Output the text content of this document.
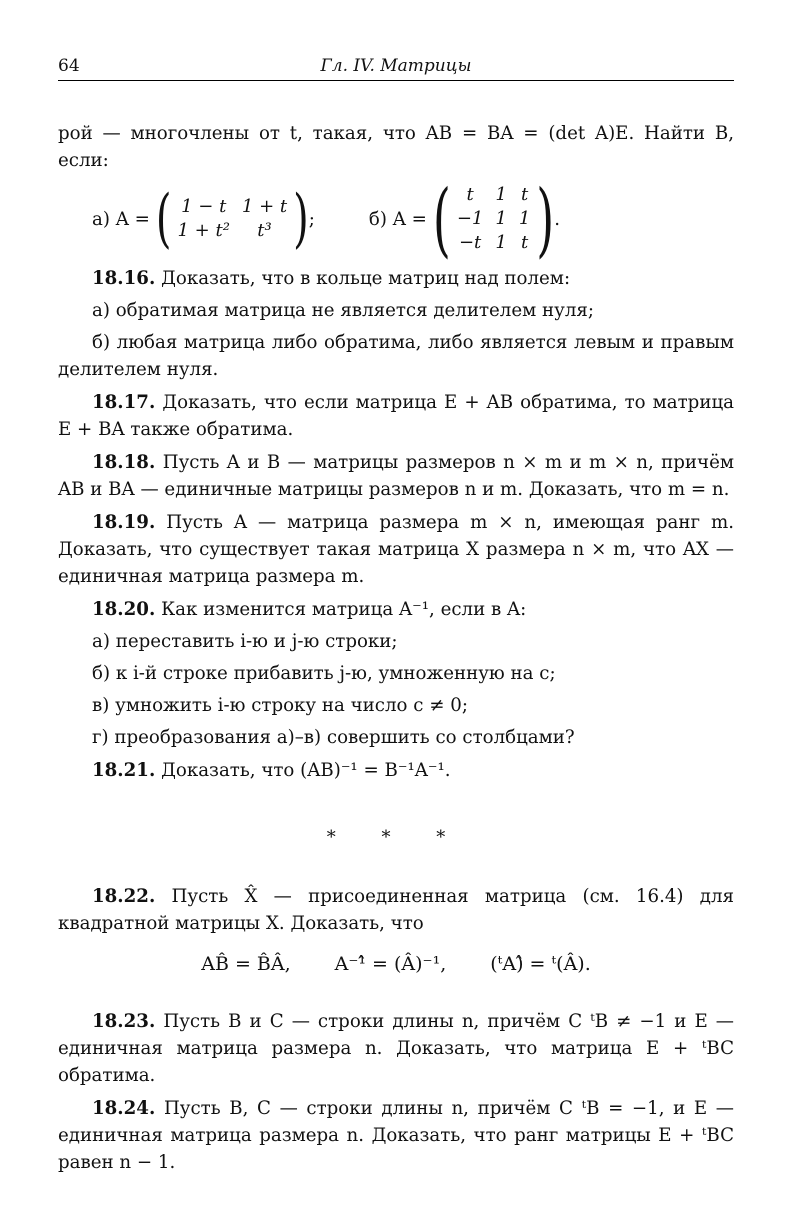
64	Гл. IV. Матрицы

рой — многочлены от t, такая, что AB = BA = (det A)E. Найти B, если:

а) A = ( 1 − t	1 + t
1 + t²	t³ ) ;	б) A = ( t	1	t
−1	1	1
−t	1	t ) .

18.16. Доказать, что в кольце матриц над полем:

а) обратимая матрица не является делителем нуля;

б) любая матрица либо обратима, либо является левым и правым делителем нуля.

18.17. Доказать, что если матрица E + AB обратима, то матрица E + BA также обратима.

18.18. Пусть A и B — матрицы размеров n × m и m × n, причём AB и BA — единичные матрицы размеров n и m. Доказать, что m = n.

18.19. Пусть A — матрица размера m × n, имеющая ранг m. Доказать, что существует такая матрица X размера n × m, что AX — единичная матрица размера m.

18.20. Как изменится матрица A⁻¹, если в A:

а) переставить i-ю и j-ю строки;

б) к i-й строке прибавить j-ю, умноженную на c;

в) умножить i-ю строку на число c ≠ 0;

г) преобразования а)–в) совершить со столбцами?

18.21. Доказать, что (AB)⁻¹ = B⁻¹A⁻¹.

* * *

18.22. Пусть X̂ — присоединенная матрица (см. 16.4) для квадратной матрицы X. Доказать, что

AB̂ = B̂Â, A⁻¹̂ = (Â)⁻¹, (ᵗA)̂ = ᵗ(Â).

18.23. Пусть B и C — строки длины n, причём C ᵗB ≠ −1 и E — единичная матрица размера n. Доказать, что матрица E + ᵗBC обратима.

18.24. Пусть B, C — строки длины n, причём C ᵗB = −1, и E — единичная матрица размера n. Доказать, что ранг матрицы E + ᵗBC равен n − 1.
